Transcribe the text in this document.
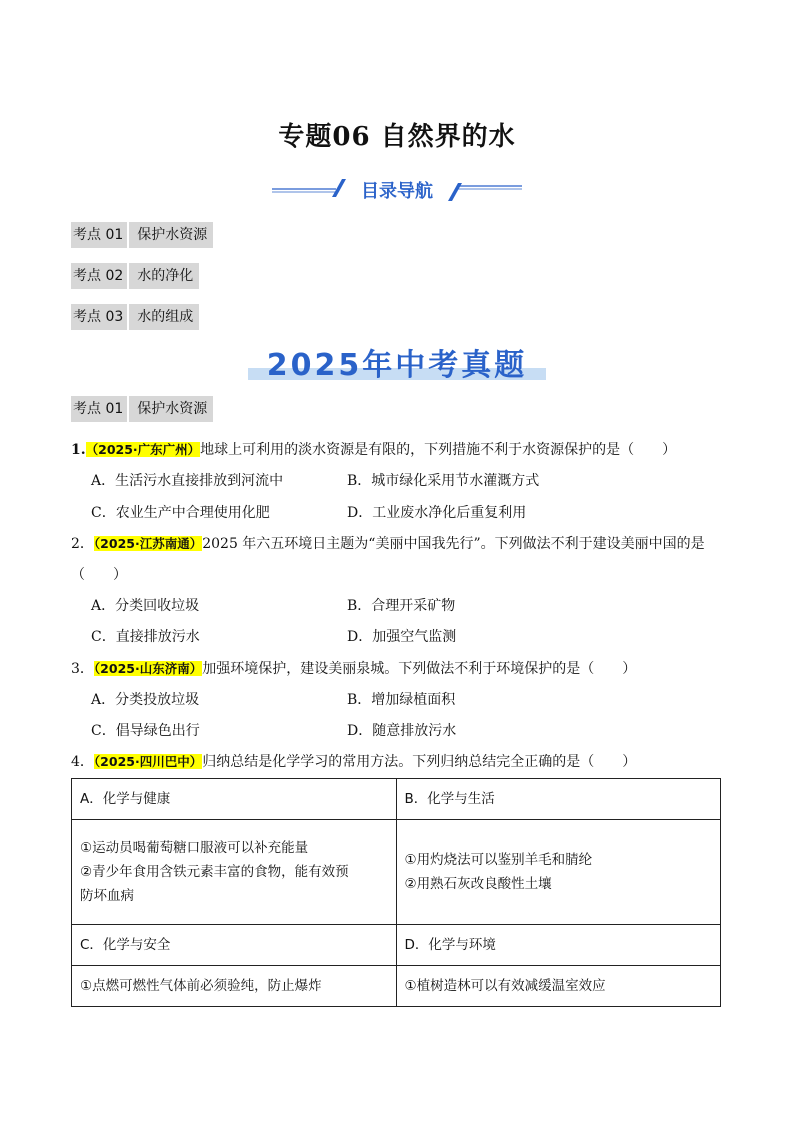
专题06 自然界的水
目录导航
考点 01 保护水资源
考点 02 水的净化
考点 03 水的组成
2025年中考真题
考点 01 保护水资源
1.（2025·广东广州）地球上可利用的淡水资源是有限的，下列措施不利于水资源保护的是（　　）
A．生活污水直接排放到河流中	B．城市绿化采用节水灌溉方式
C．农业生产中合理使用化肥	D．工业废水净化后重复利用
2．（2025·江苏南通）2025 年六五环境日主题为“美丽中国我先行”。下列做法不利于建设美丽中国的是
（　　）
A．分类回收垃圾	B．合理开采矿物
C．直接排放污水	D．加强空气监测
3．（2025·山东济南）加强环境保护，建设美丽泉城。下列做法不利于环境保护的是（　　）
A．分类投放垃圾	B．增加绿植面积
C．倡导绿色出行	D．随意排放污水
4．（2025·四川巴中）归纳总结是化学学习的常用方法。下列归纳总结完全正确的是（　　）
A．化学与健康	B．化学与生活

①运动员喝葡萄糖口服液可以补充能量
②青少年食用含铁元素丰富的食物，能有效预
防坏血病	①用灼烧法可以鉴别羊毛和腈纶
②用熟石灰改良酸性土壤

C．化学与安全	D．化学与环境

①点燃可燃性气体前必须验纯，防止爆炸	①植树造林可以有效减缓温室效应
